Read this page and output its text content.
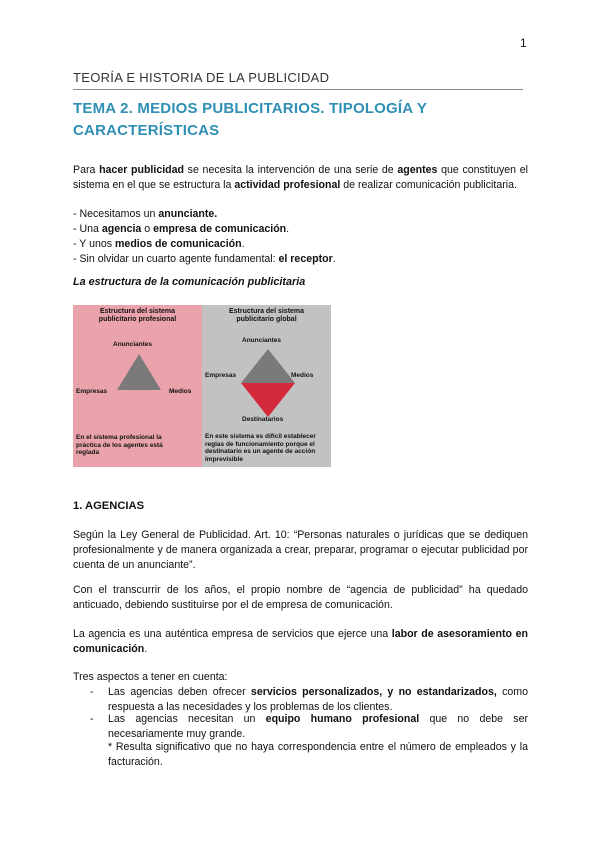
1
TEORÍA E HISTORIA DE LA PUBLICIDAD
TEMA 2. MEDIOS PUBLICITARIOS. TIPOLOGÍA Y
CARACTERÍSTICAS
Para hacer publicidad se necesita la intervención de una serie de agentes que constituyen el sistema en el que se estructura la actividad profesional de realizar comunicación publicitaria.
- Necesitamos un anunciante.
- Una agencia o empresa de comunicación.
- Y unos medios de comunicación.
- Sin olvidar un cuarto agente fundamental: el receptor.
La estructura de la comunicación publicitaria
Estructura del sistema
publicitario profesional
Anunciantes
Empresas	Medios
En el sistema profesional la
práctica de los agentes está
reglada
Estructura del sistema
publicitario global
Anunciantes
Empresas	Medios
Destinatarios
En este sistema es difícil establecer
reglas de funcionamiento porque el
destinatario es un agente de acción
imprevisible
1. AGENCIAS
Según la Ley General de Publicidad. Art. 10: “Personas naturales o jurídicas que se dediquen profesionalmente y de manera organizada a crear, preparar, programar o ejecutar publicidad por cuenta de un anunciante”.
Con el transcurrir de los años, el propio nombre de “agencia de publicidad” ha quedado anticuado, debiendo sustituirse por el de empresa de comunicación.
La agencia es una auténtica empresa de servicios que ejerce una labor de asesoramiento en comunicación.
Tres aspectos a tener en cuenta:
- Las agencias deben ofrecer servicios personalizados, y no estandarizados, como respuesta a las necesidades y los problemas de los clientes.
- Las agencias necesitan un equipo humano profesional que no debe ser necesariamente muy grande.
* Resulta significativo que no haya correspondencia entre el número de empleados y la facturación.
